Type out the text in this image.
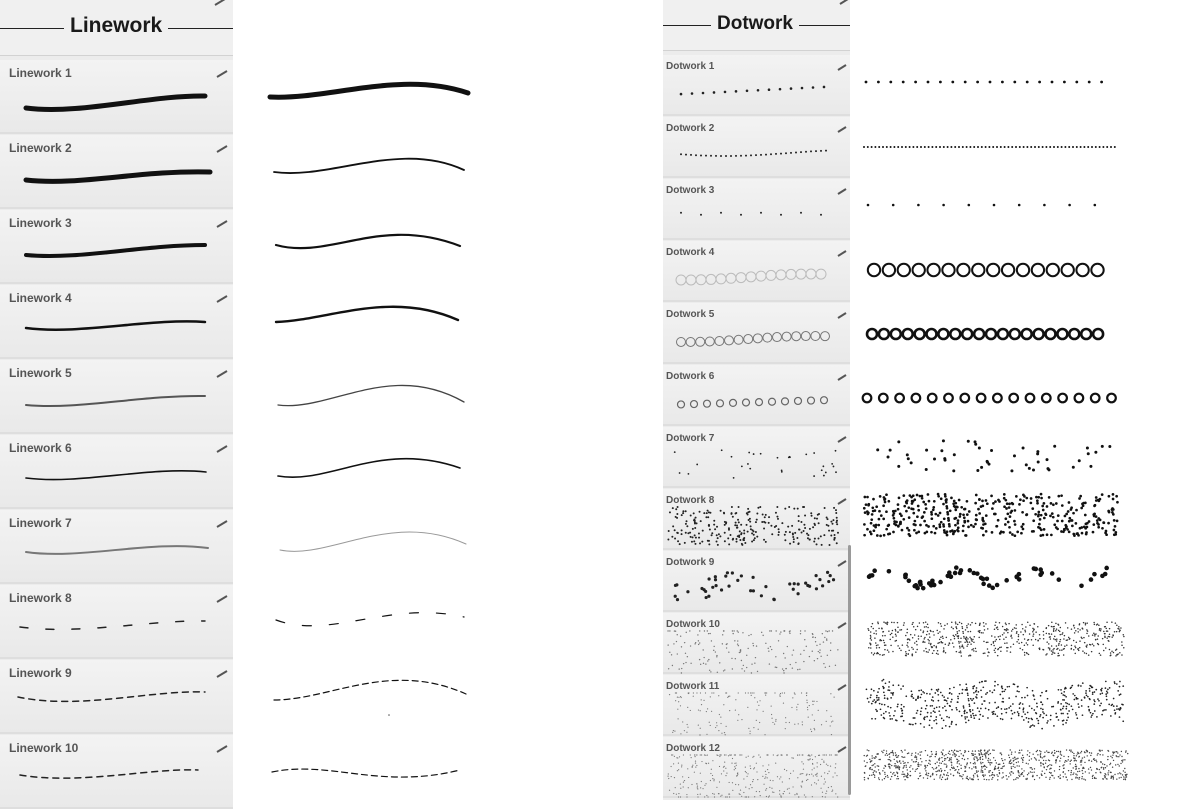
Linework
Linework 1
Linework 2
Linework 3
Linework 4
Linework 5
Linework 6
Linework 7
Linework 8
Linework 9
Linework 10
Dotwork
Dotwork 1
Dotwork 2
Dotwork 3
Dotwork 4
Dotwork 5
Dotwork 6
Dotwork 7
Dotwork 8
Dotwork 9
Dotwork 10
Dotwork 11
Dotwork 12
